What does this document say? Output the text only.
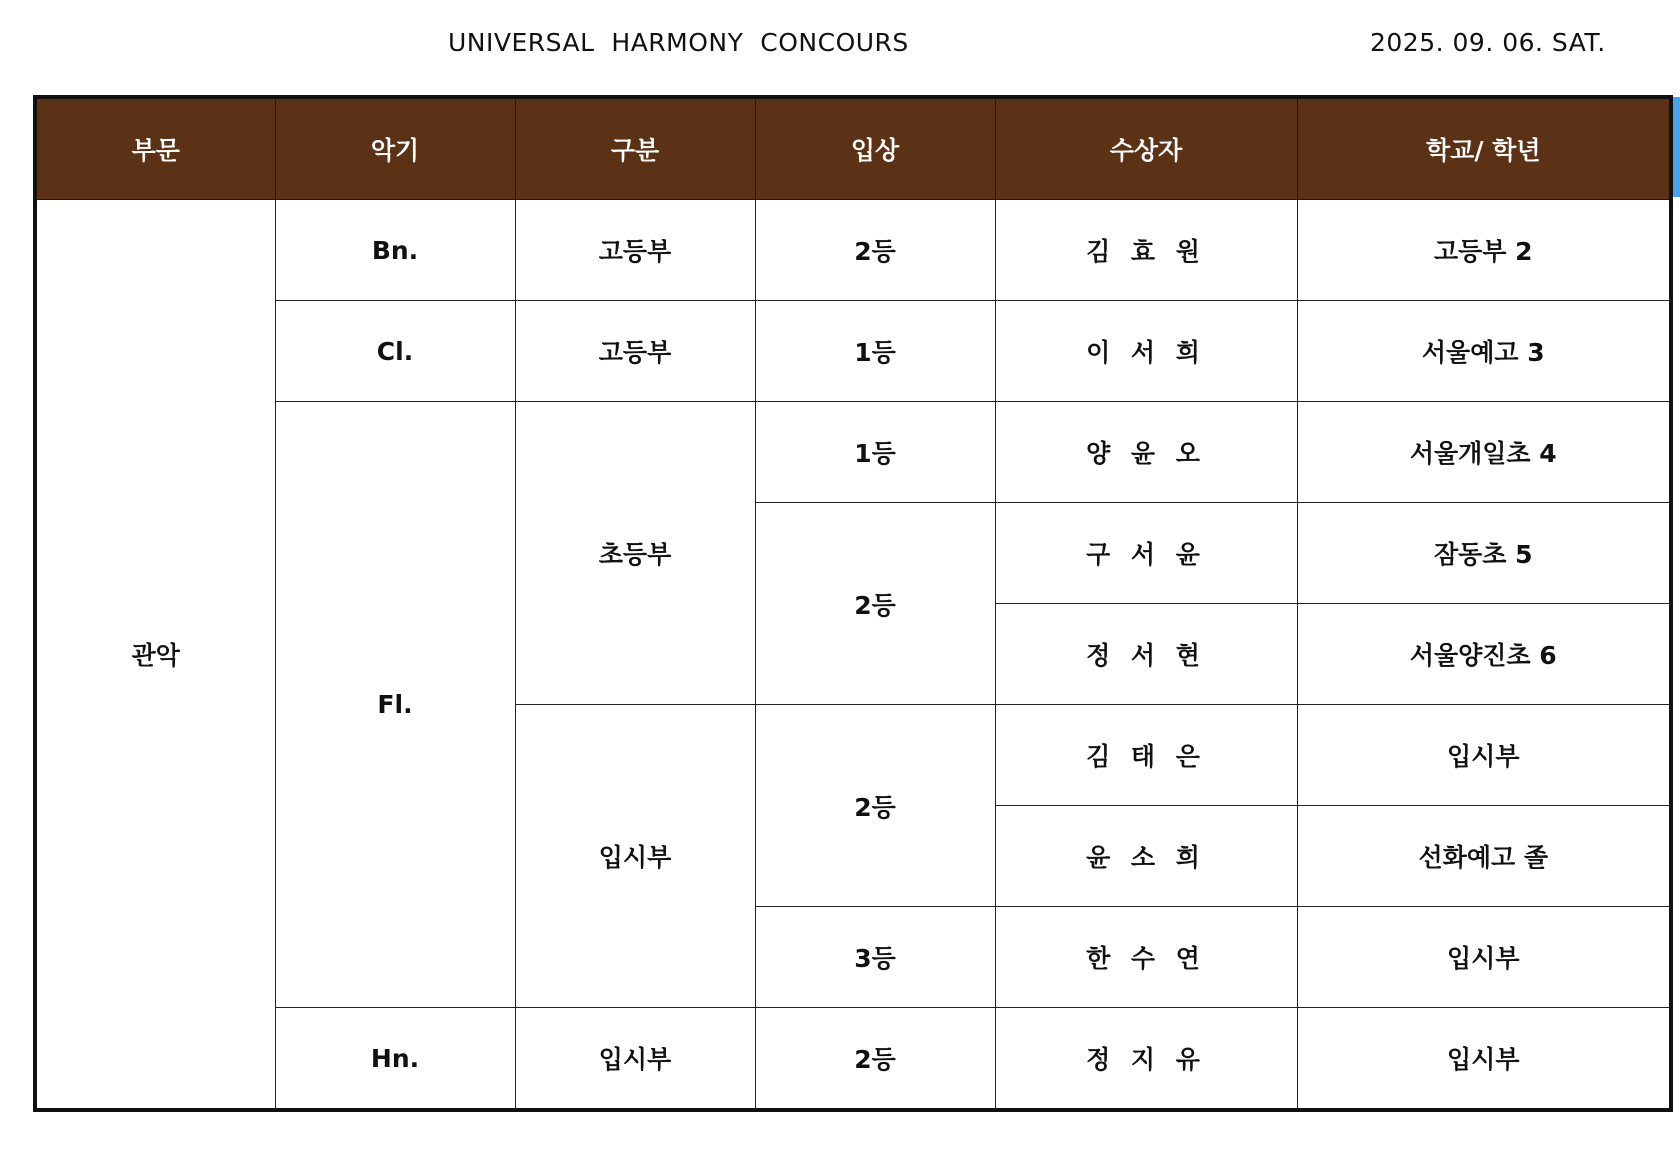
UNIVERSAL  HARMONY  CONCOURS	2025. 09. 06. SAT.
부문	악기	구분	입상	수상자	학교/ 학년
관악	Bn.	고등부	2등	김 효 원	고등부 2
	Cl.	고등부	1등	이 서 희	서울예고 3
	Fl.	초등부	1등	양 윤 오	서울개일초 4
			2등	구 서 윤	잠동초 5
				정 서 현	서울양진초 6
		입시부	2등	김 태 은	입시부
				윤 소 희	선화예고 졸
			3등	한 수 연	입시부
	Hn.	입시부	2등	정 지 유	입시부
